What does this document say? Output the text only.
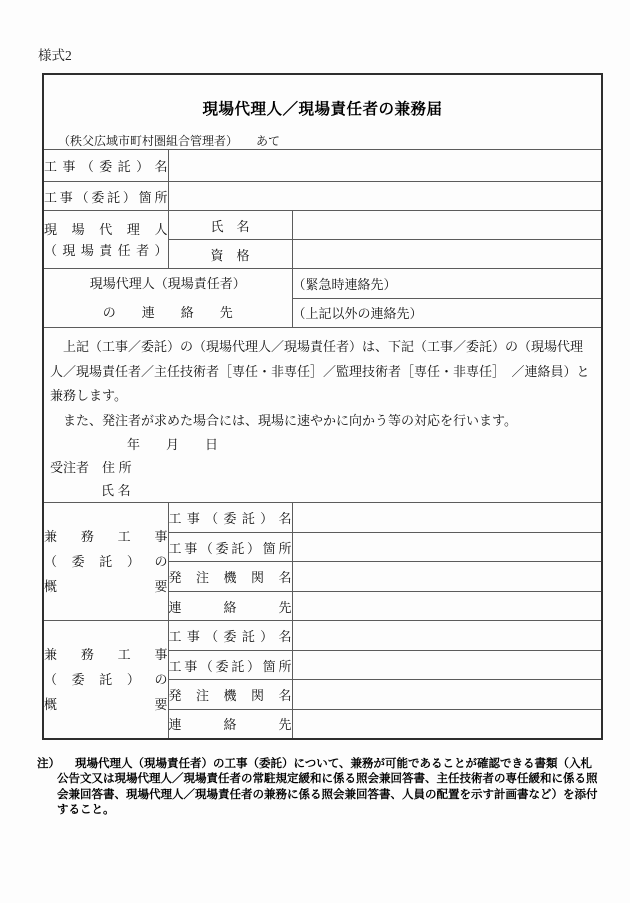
様式2
現場代理人／現場責任者の兼務届
（秩父広域市町村圏組合管理者）　　あて		

工事（委託）名		
工事（委託）箇所		

現場代理人
（現場責任者）	氏　名	
	資　格	

現場代理人（現場責任者）
の　　連　　絡　　先		（緊急時連絡先）
		（上記以外の連絡先）

　上記（工事／委託）の（現場代理人／現場責任者）は、下記（工事／委託）の（現場代理
人／現場責任者／主任技術者［専任・非専任］／監理技術者［専任・非専任］　／連絡員）と
兼務します。
　また、発注者が求めた場合には、現場に速やかに向かう等の対応を行います。
年　　月　　日
受注者　住 所
氏 名

兼務工事
（委託）の
概要	工事（委託）名	
	工事（委託）箇所	
	発注機関名	
	連絡先	

兼務工事
（委託）の
概要	工事（委託）名	
	工事（委託）箇所	
	発注機関名	
	連絡先	
注） 現場代理人（現場責任者）の工事（委託）について、兼務が可能であることが確認できる書類（入札
公告文又は現場代理人／現場責任者の常駐規定緩和に係る照会兼回答書、主任技術者の専任緩和に係る照
会兼回答書、現場代理人／現場責任者の兼務に係る照会兼回答書、人員の配置を示す計画書など）を添付
すること。
